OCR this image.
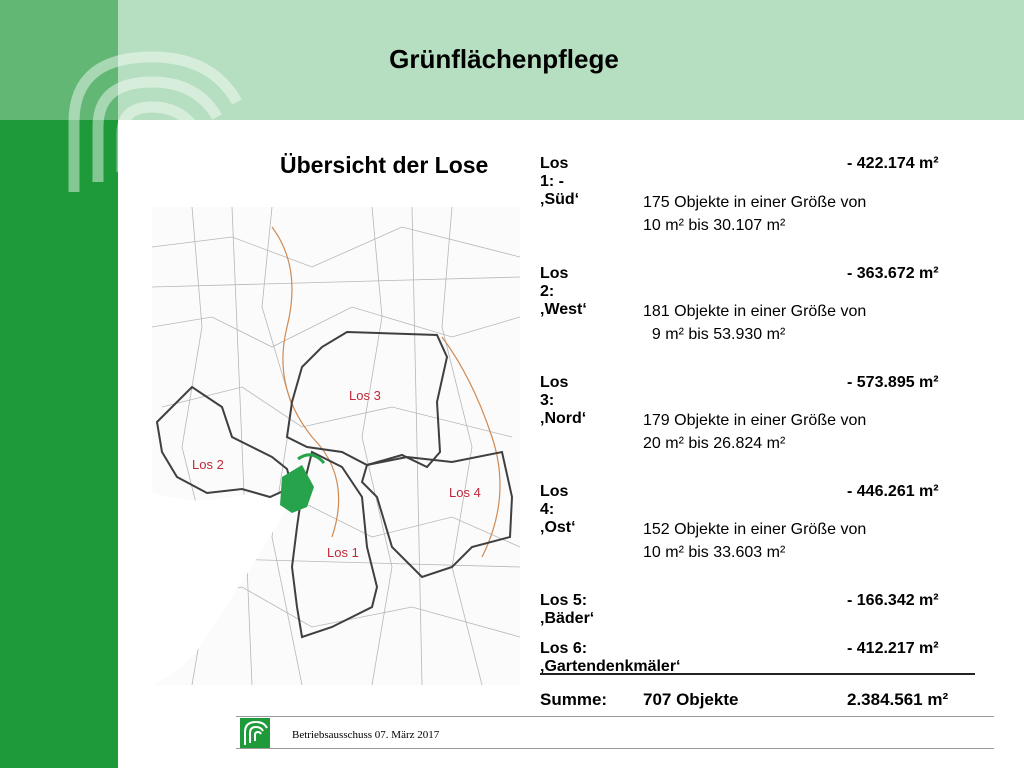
Grünflächenpflege
Übersicht der Lose
Los 3
Los 2
Los 4
Los 1
Los 1: - ‚Süd‘
- 422.174 m²
175 Objekte in einer Größe von
10 m² bis 30.107 m²
Los 2: ‚West‘
- 363.672 m²
181 Objekte in einer Größe von
9 m² bis 53.930 m²
Los 3: ‚Nord‘
- 573.895 m²
179 Objekte in einer Größe von
20 m² bis 26.824 m²
Los 4: ‚Ost‘
- 446.261 m²
152 Objekte in einer Größe von
10 m² bis 33.603 m²
Los 5: ‚Bäder‘
- 166.342 m²
Los 6: ‚Gartendenkmäler‘
- 412.217 m²
Summe: 707 Objekte	2.384.561 m²
Betriebsausschuss 07. März 2017
